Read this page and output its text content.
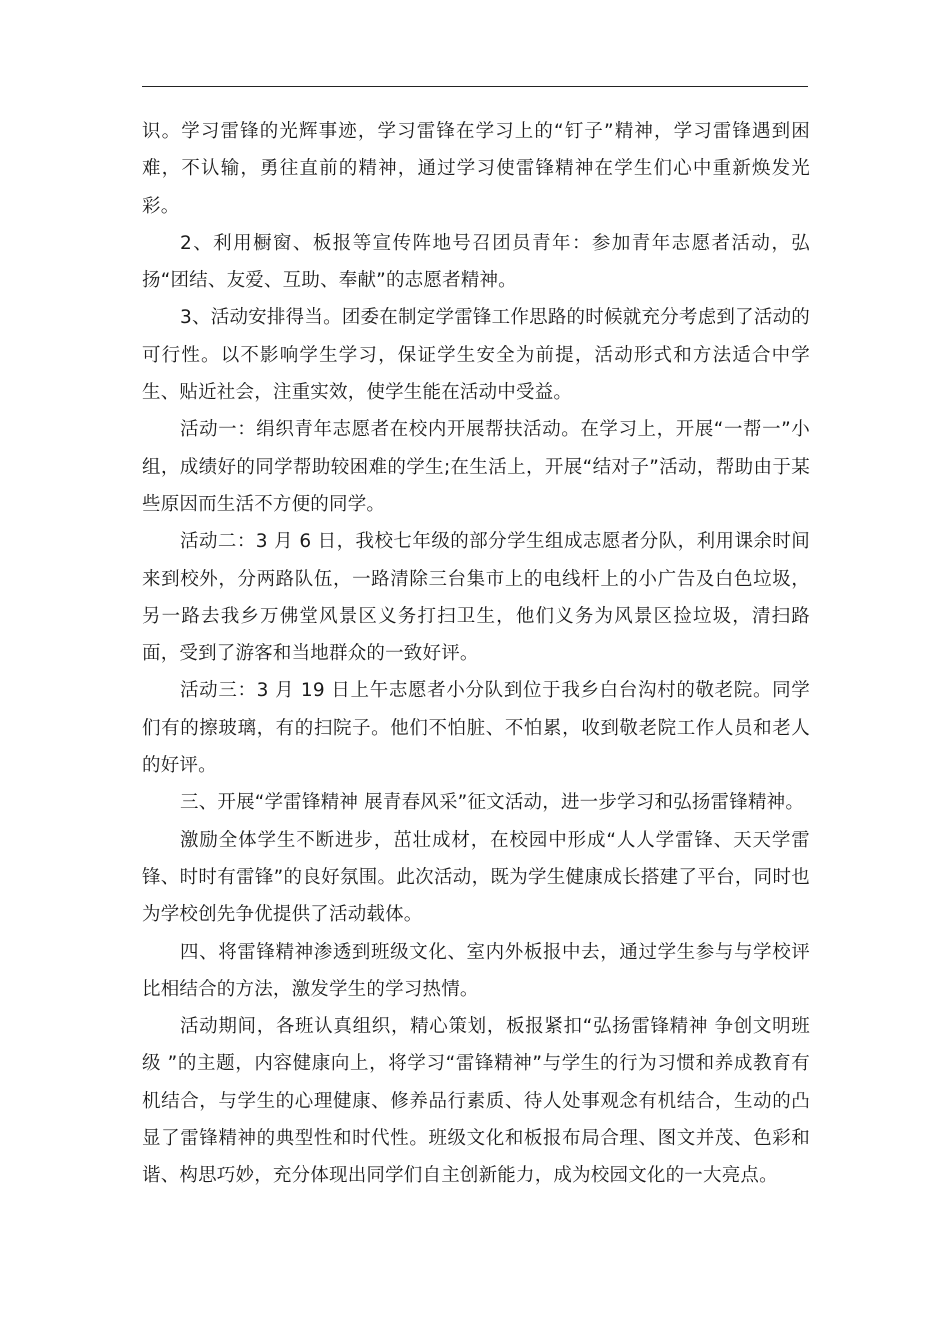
识。学习雷锋的光辉事迹，学习雷锋在学习上的“钉子”精神，学习雷锋遇到困难，不认输，勇往直前的精神，通过学习使雷锋精神在学生们心中重新焕发光彩。

2、利用橱窗、板报等宣传阵地号召团员青年：参加青年志愿者活动，弘扬“团结、友爱、互助、奉献”的志愿者精神。

3、活动安排得当。团委在制定学雷锋工作思路的时候就充分考虑到了活动的可行性。以不影响学生学习，保证学生安全为前提，活动形式和方法适合中学生、贴近社会，注重实效，使学生能在活动中受益。

活动一：绢织青年志愿者在校内开展帮扶活动。在学习上，开展“一帮一”小组，成绩好的同学帮助较困难的学生;在生活上，开展“结对子”活动，帮助由于某些原因而生活不方便的同学。

活动二：3 月 6 日，我校七年级的部分学生组成志愿者分队，利用课余时间来到校外，分两路队伍，一路清除三台集市上的电线杆上的小广告及白色垃圾，另一路去我乡万佛堂风景区义务打扫卫生，他们义务为风景区捡垃圾，清扫路面，受到了游客和当地群众的一致好评。

活动三：3 月 19 日上午志愿者小分队到位于我乡白台沟村的敬老院。同学们有的擦玻璃，有的扫院子。他们不怕脏、不怕累，收到敬老院工作人员和老人的好评。

三、开展“学雷锋精神 展青春风采”征文活动，进一步学习和弘扬雷锋精神。

激励全体学生不断进步，茁壮成材，在校园中形成“人人学雷锋、天天学雷锋、时时有雷锋”的良好氛围。此次活动，既为学生健康成长搭建了平台，同时也为学校创先争优提供了活动载体。

四、将雷锋精神渗透到班级文化、室内外板报中去，通过学生参与与学校评比相结合的方法，激发学生的学习热情。

活动期间，各班认真组织，精心策划，板报紧扣“弘扬雷锋精神 争创文明班级 ”的主题，内容健康向上，将学习“雷锋精神”与学生的行为习惯和养成教育有机结合，与学生的心理健康、修养品行素质、待人处事观念有机结合，生动的凸显了雷锋精神的典型性和时代性。班级文化和板报布局合理、图文并茂、色彩和谐、构思巧妙，充分体现出同学们自主创新能力，成为校园文化的一大亮点。
